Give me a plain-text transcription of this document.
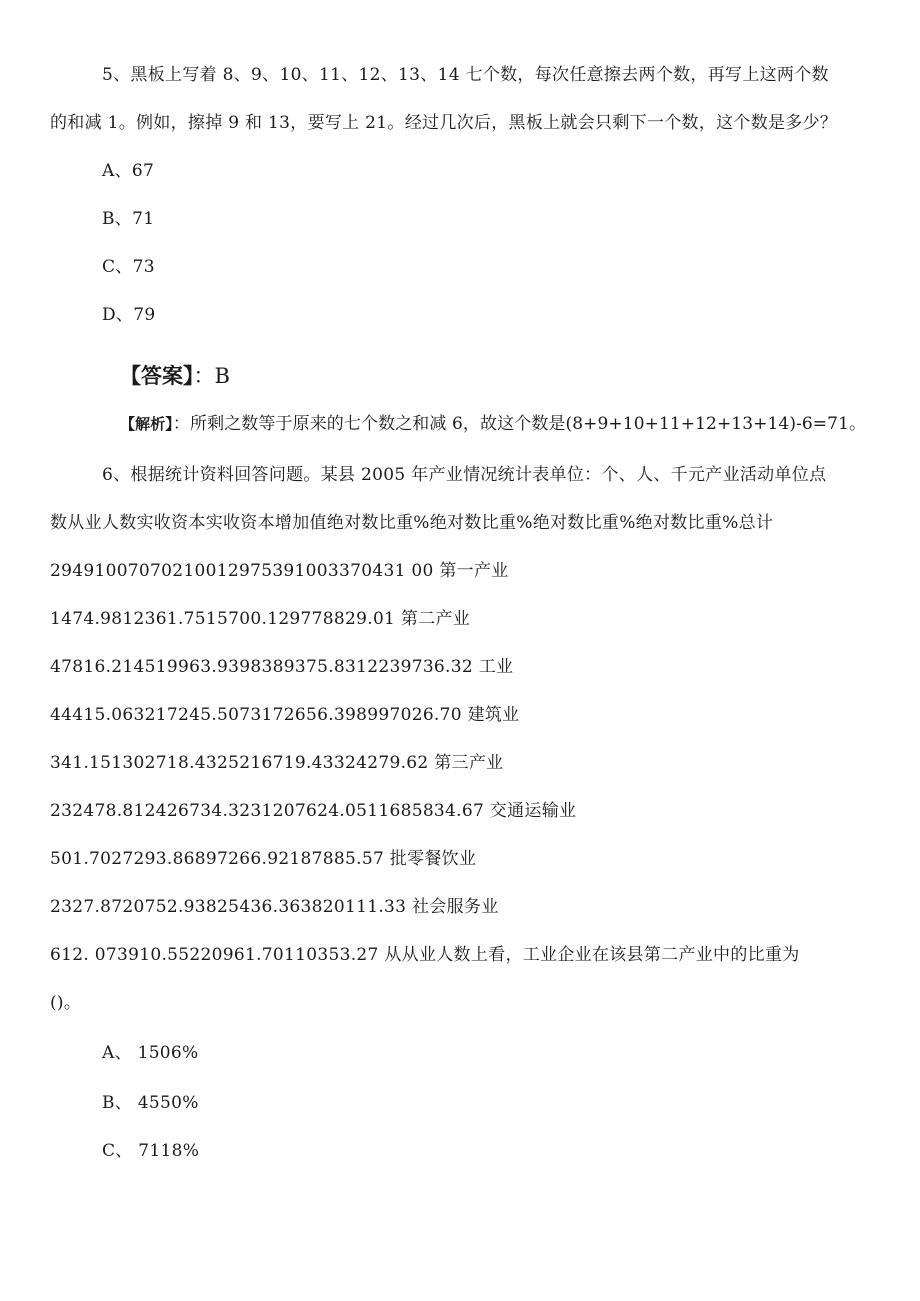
5、黑板上写着 8、9、10、11、12、13、14 七个数，每次任意擦去两个数，再写上这两个数
的和减 1。例如，擦掉 9 和 13，要写上 21。经过几次后，黑板上就会只剩下一个数，这个数是多少？
A、67
B、71
C、73
D、79
【答案】：B
【解析】：所剩之数等于原来的七个数之和减 6，故这个数是(8+9+10+11+12+13+14)-6=71。
6、根据统计资料回答问题。某县 2005 年产业情况统计表单位：个、人、千元产业活动单位点
数从业人数实收资本实收资本增加值绝对数比重%绝对数比重%绝对数比重%绝对数比重%总计
29491007070210012975391003370431 00 第一产业
1474.9812361.7515700.129778829.01 第二产业
47816.214519963.9398389375.8312239736.32 工业
44415.063217245.5073172656.398997026.70 建筑业
341.151302718.4325216719.43324279.62 第三产业
232478.812426734.3231207624.0511685834.67 交通运输业
501.7027293.86897266.92187885.57 批零餐饮业
2327.8720752.93825436.363820111.33 社会服务业
612. 073910.55220961.70110353.27 从从业人数上看，工业企业在该县第二产业中的比重为
()。
A、 1506%
B、 4550%
C、 7118%
